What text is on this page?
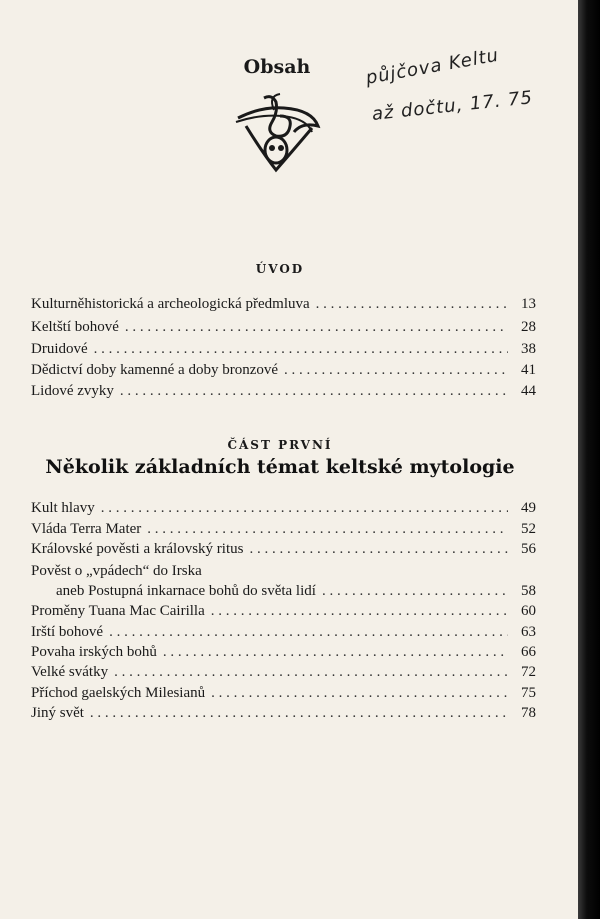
Obsah	půjčova Keltu
až dočtu, 17. 75
ÚVOD
Kulturněhistorická a archeologická předmluva . . .	13
Keltští bohové . . .	28
Druidové . . .	38
Dědictví doby kamenné a doby bronzové . . .	41
Lidové zvyky . . .	44
ČÁST PRVNÍ
Několik základních témat keltské mytologie
Kult hlavy . . .	49
Vláda Terra Mater . . .	52
Královské pověsti a královský ritus . . .	56
Pověst o „vpádech“ do Irska
aneb Postupná inkarnace bohů do světa lidí . . .	58
Proměny Tuana Mac Cairilla . . .	60
Irští bohové . . .	63
Povaha irských bohů . . .	66
Velké svátky . . .	72
Příchod gaelských Milesianů . . .	75
Jiný svět . . .	78
